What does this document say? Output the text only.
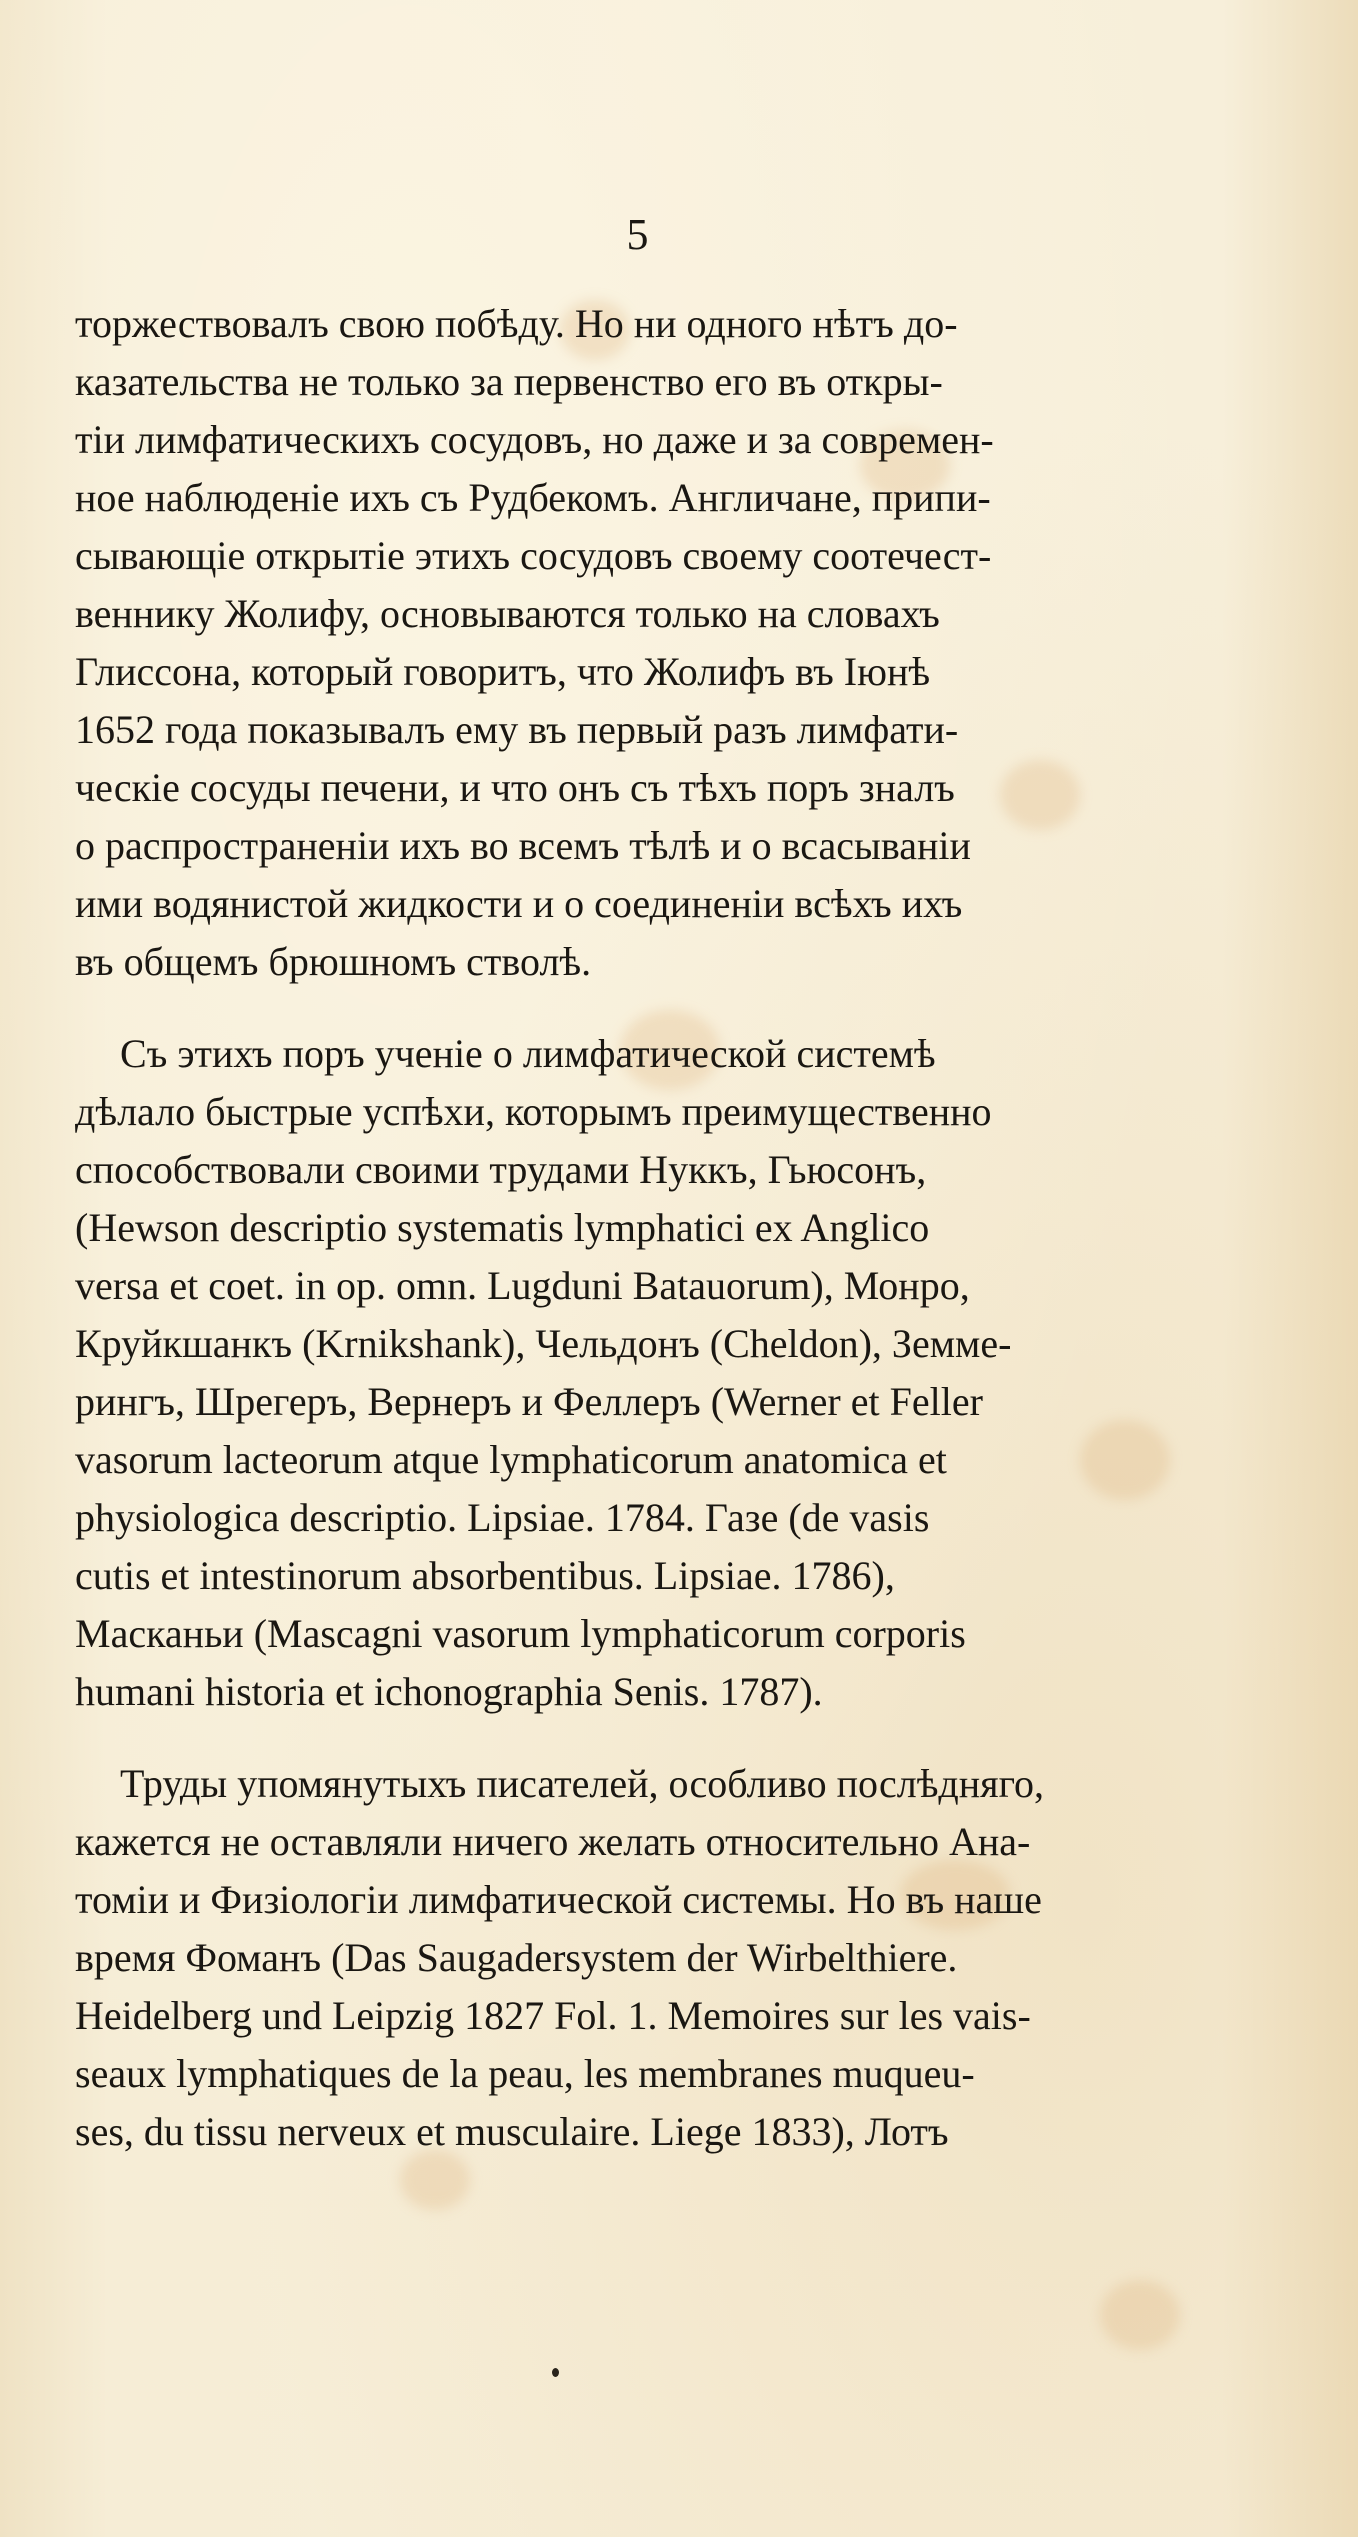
5
торжествовалъ свою побѣду. Но ни одного нѣтъ до-
казательства не только за первенство его въ откры-
тіи лимфатическихъ сосудовъ, но даже и за современ-
ное наблюденіе ихъ съ Рудбекомъ. Англичане, припи-
сывающіе открытіе этихъ сосудовъ своему соотечест-
веннику Жолифу, основываются только на словахъ
Глиссона, который говоритъ, что Жолифъ въ Іюнѣ
1652 года показывалъ ему въ первый разъ лимфати-
ческіе сосуды печени, и что онъ съ тѣхъ поръ зналъ
о распространеніи ихъ во всемъ тѣлѣ и о всасываніи
ими водянистой жидкости и о соединеніи всѣхъ ихъ
въ общемъ брюшномъ стволѣ.
Съ этихъ поръ ученіе о лимфатической системѣ
дѣлало быстрые успѣхи, которымъ преимущественно
способствовали своими трудами Нуккъ, Гьюсонъ,
(Hewson descriptio systematis lymphatici ex Anglico
versa et coet. in op. omn. Lugduni Batauorum), Монро,
Круйкшанкъ (Krnikshank), Чельдонъ (Cheldon), Земме-
рингъ, Шрегеръ, Вернеръ и Феллеръ (Werner et Feller
vasorum lacteorum atque lymphaticorum anatomica et
physiologica descriptio. Lipsiae. 1784. Газе (de vasis
cutis et intestinorum absorbentibus. Lipsiae. 1786),
Масканьи (Mascagni vasorum lymphaticorum corporis
humani historia et ichonographia Senis. 1787).
Труды упомянутыхъ писателей, особливо послѣдняго,
кажется не оставляли ничего желать относительно Ана-
томіи и Физіологіи лимфатической системы. Но въ наше
время Фоманъ (Das Saugadersystem der Wirbelthiere.
Heidelberg und Leipzig 1827 Fol. 1. Memoires sur les vais-
seaux lymphatiques de la peau, les membranes muqueu-
ses, du tissu nerveux et musculaire. Liege 1833), Лотъ
